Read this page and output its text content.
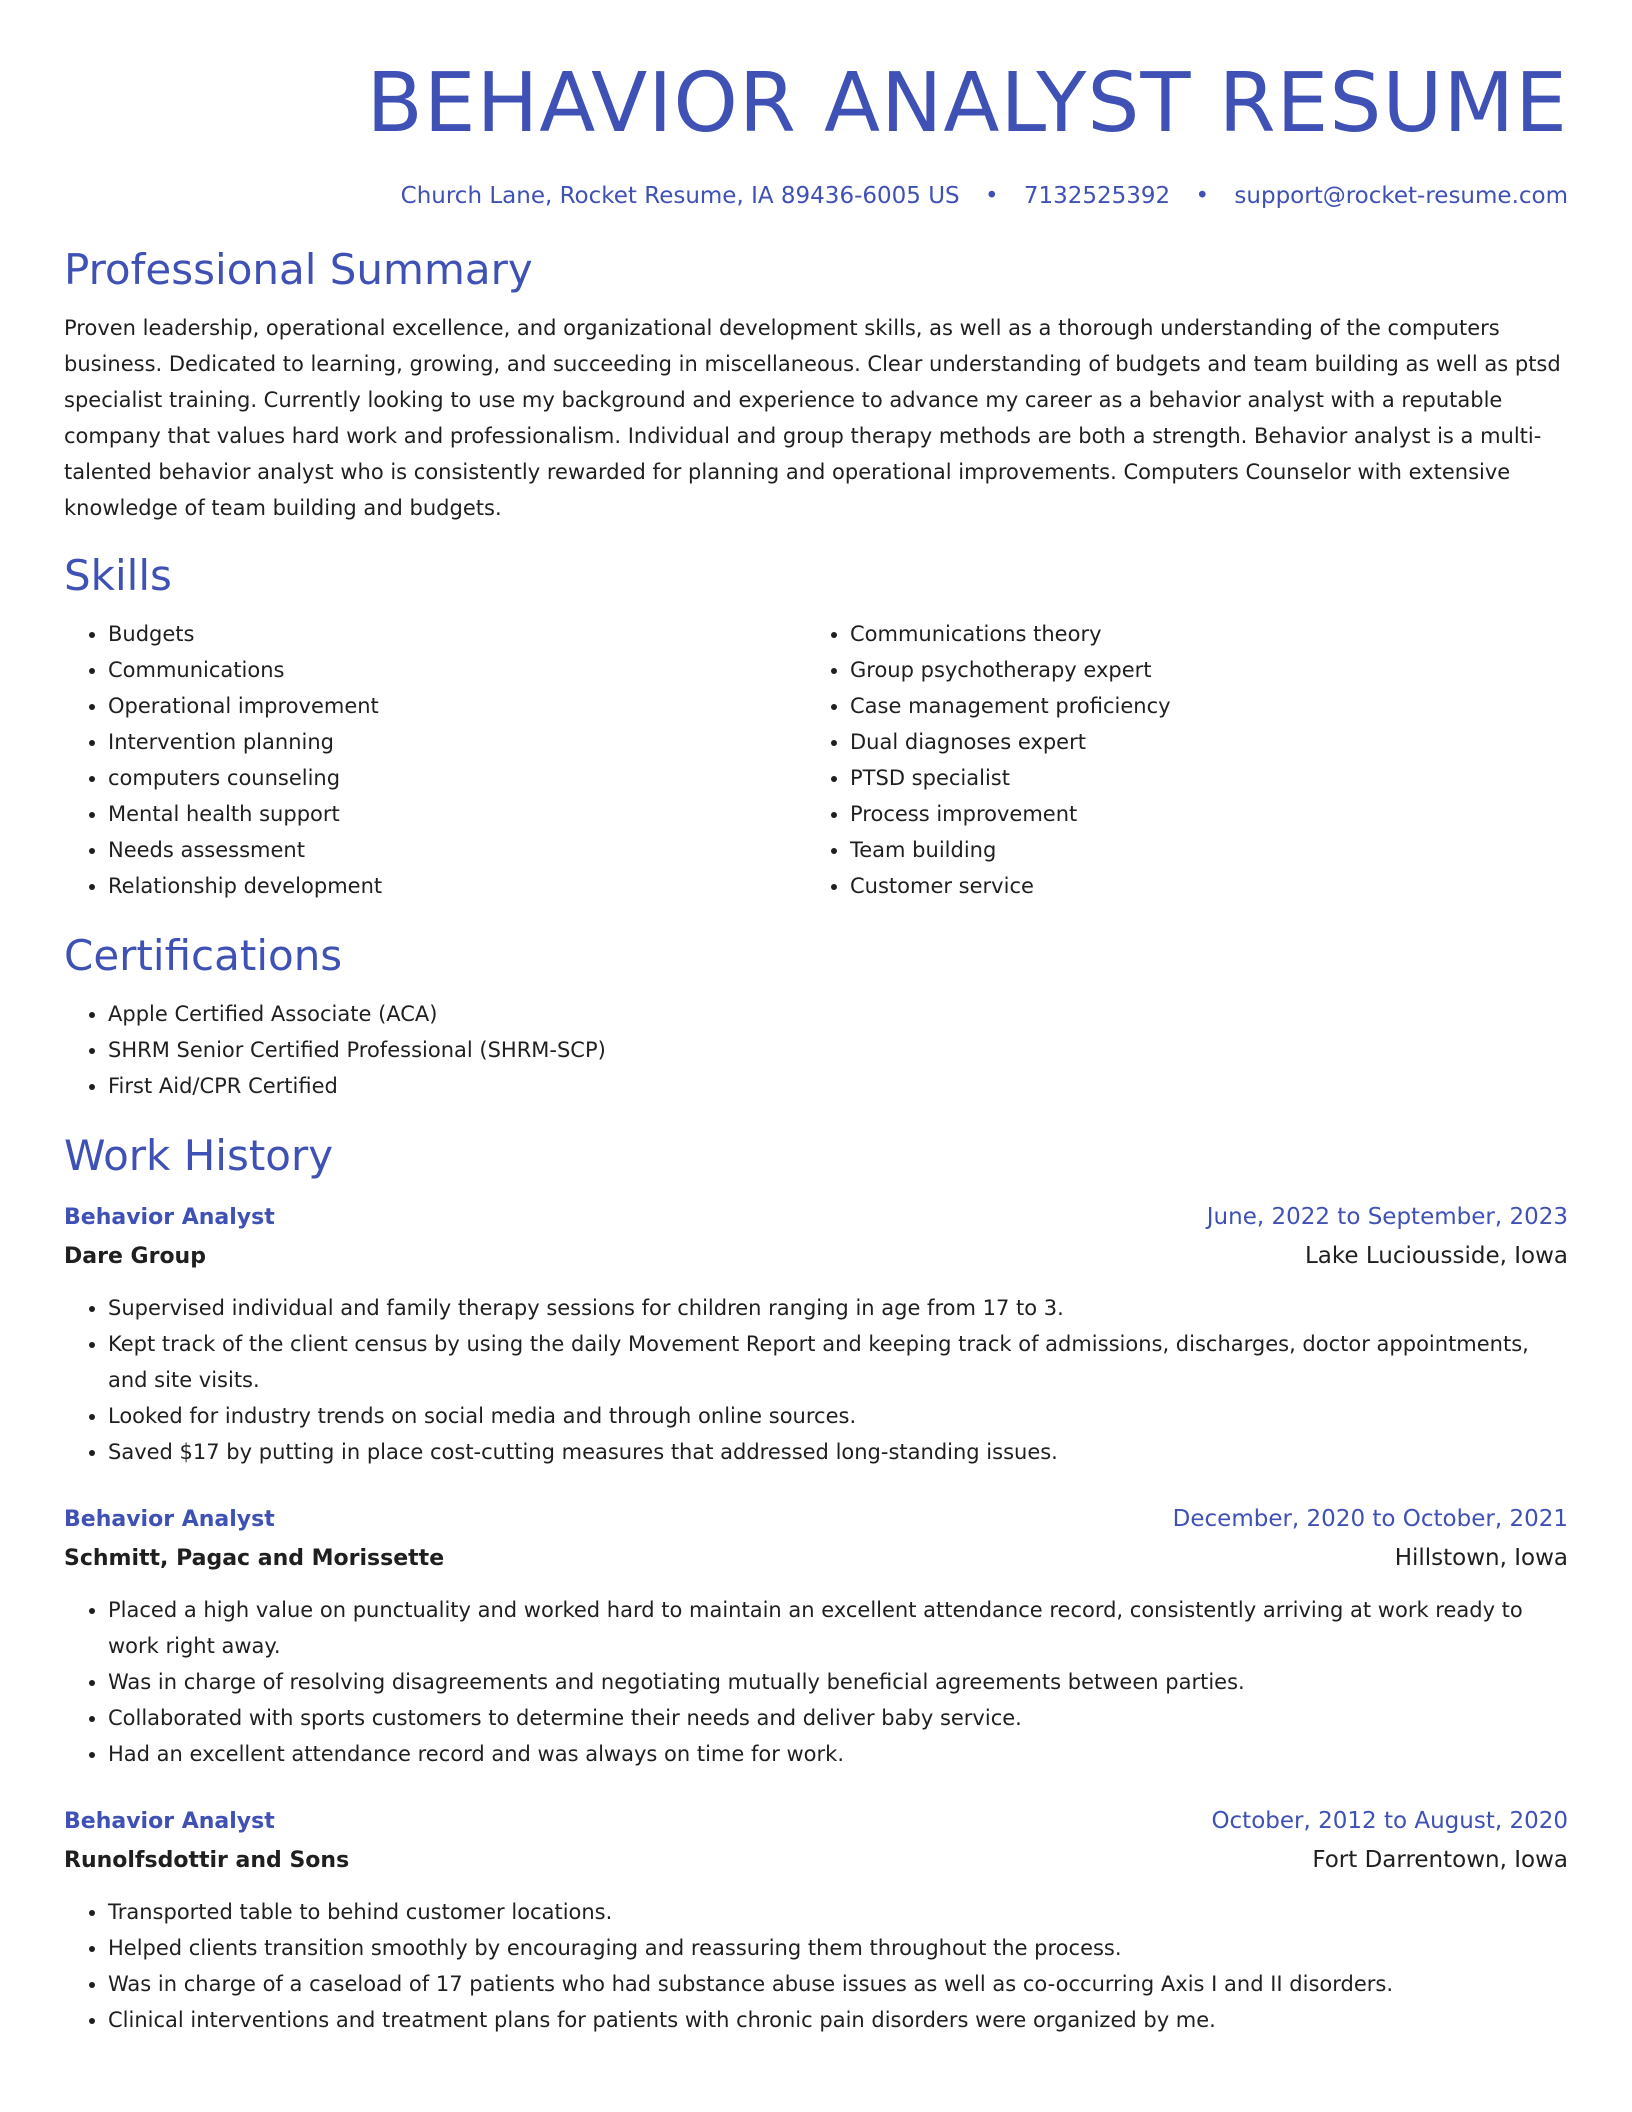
BEHAVIOR ANALYST RESUME
Church Lane, Rocket Resume, IA 89436-6005 US • 7132525392 • support@rocket-resume.com
Professional Summary
Proven leadership, operational excellence, and organizational development skills, as well as a thorough understanding of the computers business. Dedicated to learning, growing, and succeeding in miscellaneous. Clear understanding of budgets and team building as well as ptsd specialist training. Currently looking to use my background and experience to advance my career as a behavior analyst with a reputable company that values hard work and professionalism. Individual and group therapy methods are both a strength. Behavior analyst is a multi-talented behavior analyst who is consistently rewarded for planning and operational improvements. Computers Counselor with extensive knowledge of team building and budgets.
Skills
• Budgets
• Communications
• Operational improvement
• Intervention planning
• computers counseling
• Mental health support
• Needs assessment
• Relationship development
• Communications theory
• Group psychotherapy expert
• Case management proficiency
• Dual diagnoses expert
• PTSD specialist
• Process improvement
• Team building
• Customer service
Certifications
• Apple Certified Associate (ACA)
• SHRM Senior Certified Professional (SHRM-SCP)
• First Aid/CPR Certified
Work History
Behavior Analyst	June, 2022 to September, 2023
Dare Group	Lake Luciousside, Iowa
• Supervised individual and family therapy sessions for children ranging in age from 17 to 3.
• Kept track of the client census by using the daily Movement Report and keeping track of admissions, discharges, doctor appointments, and site visits.
• Looked for industry trends on social media and through online sources.
• Saved $17 by putting in place cost-cutting measures that addressed long-standing issues.
Behavior Analyst	December, 2020 to October, 2021
Schmitt, Pagac and Morissette	Hillstown, Iowa
• Placed a high value on punctuality and worked hard to maintain an excellent attendance record, consistently arriving at work ready to work right away.
• Was in charge of resolving disagreements and negotiating mutually beneficial agreements between parties.
• Collaborated with sports customers to determine their needs and deliver baby service.
• Had an excellent attendance record and was always on time for work.
Behavior Analyst	October, 2012 to August, 2020
Runolfsdottir and Sons	Fort Darrentown, Iowa
• Transported table to behind customer locations.
• Helped clients transition smoothly by encouraging and reassuring them throughout the process.
• Was in charge of a caseload of 17 patients who had substance abuse issues as well as co-occurring Axis I and II disorders.
• Clinical interventions and treatment plans for patients with chronic pain disorders were organized by me.
